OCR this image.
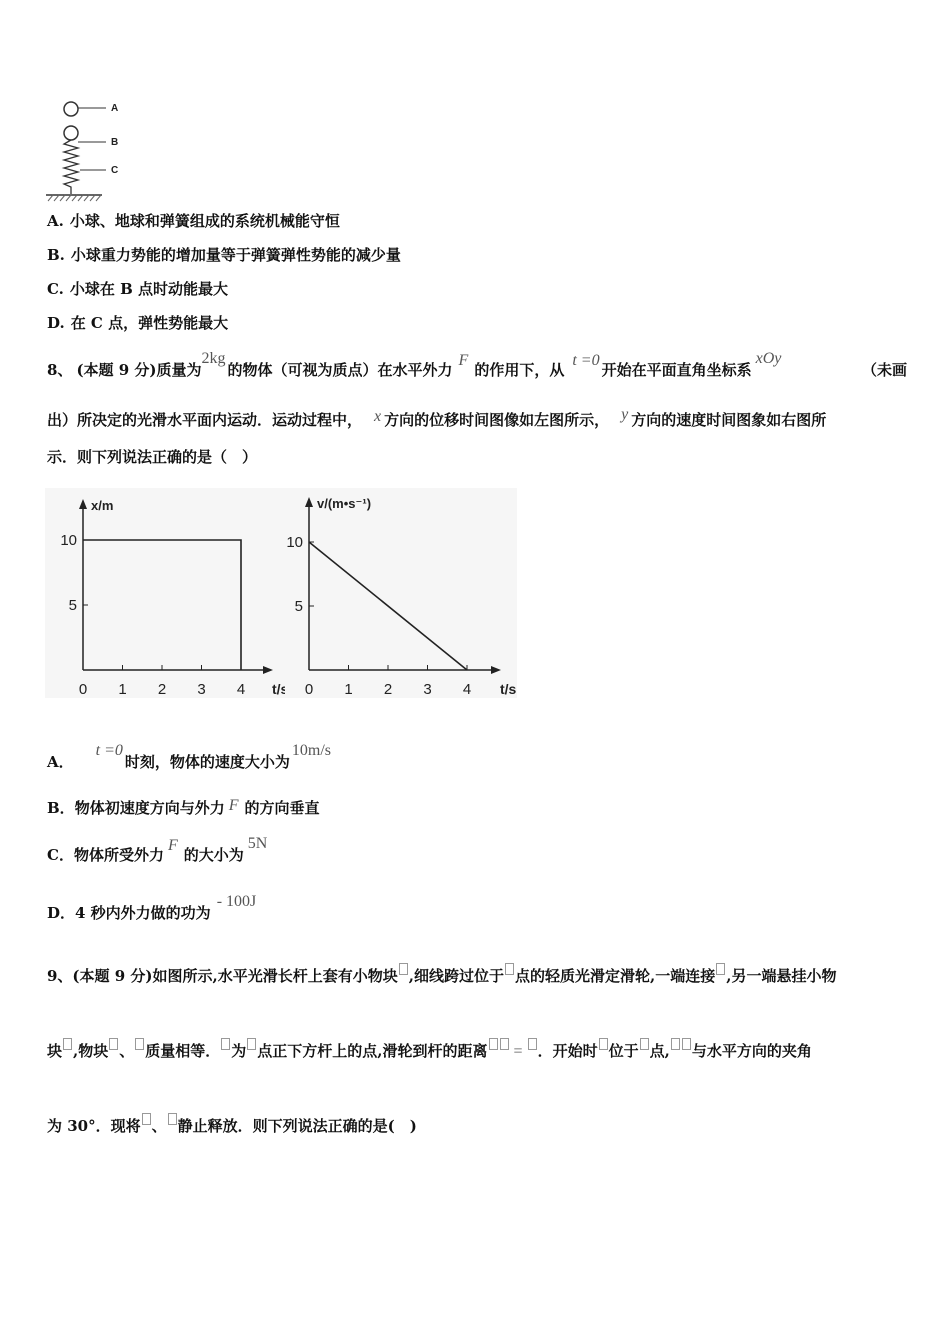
A
B
C
A. 小球、地球和弹簧组成的系统机械能守恒
B. 小球重力势能的增加量等于弹簧弹性势能的减少量
C. 小球在 B 点时动能最大
D. 在 C 点，弹性势能最大
8、 (本题 9 分)质量为2kg的物体（可视为质点）在水平外力F的作用下，从t =0开始在平面直角坐标系xOy
（未画
出）所决定的光滑水平面内运动．运动过程中， x 方向的位移时间图像如左图所示， y 方向的速度时间图象如右图所
示．则下列说法正确的是（　）
0 1 2 3 4
5
10
x/m
t/s 0 1 2 3 4
5
10
v/(m•s⁻¹)
t/s
A．t =0时刻，物体的速度大小为10m/s
B．物体初速度方向与外力 F 的方向垂直
C．物体所受外力F的大小为5N
D．4 秒内外力做的功为- 100J
9、(本题 9 分)如图所示,水平光滑长杆上套有小物块 ,细线跨过位于 点的轻质光滑定滑轮,一端连接 ,另一端悬挂小物
块 ,物块 、 质量相等． 为 点正下方杆上的点,滑轮到杆的距离 = ．开始时 位于 点, 与水平方向的夹角
为 30°．现将 、 静止释放．则下列说法正确的是(　)
